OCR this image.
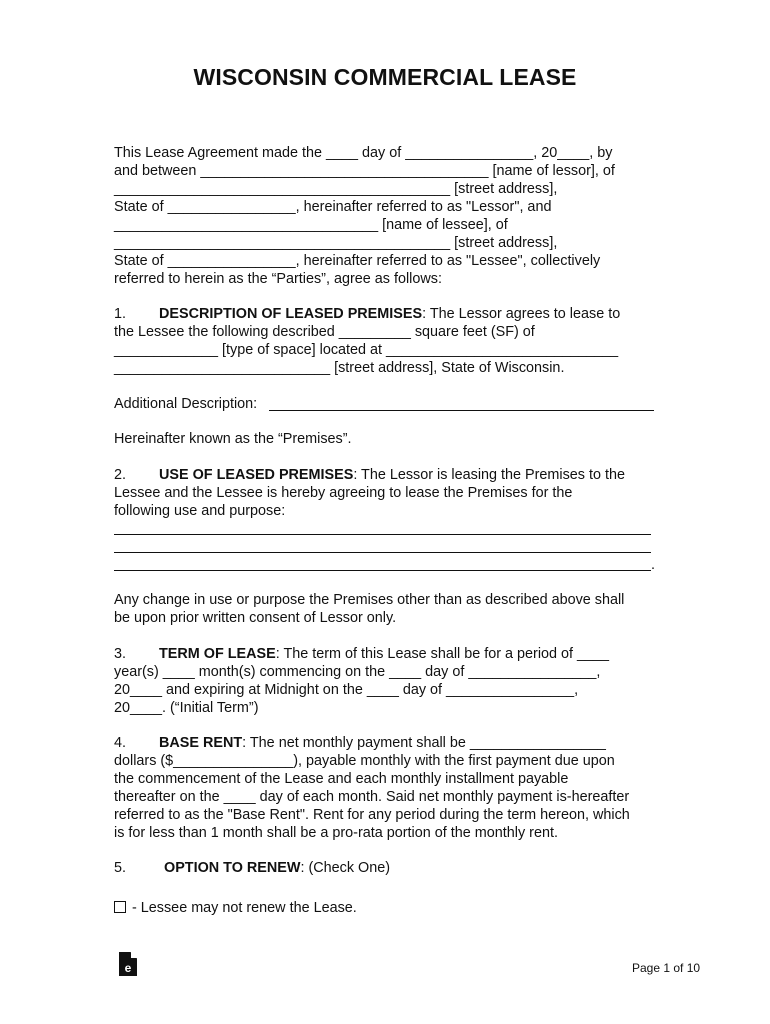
WISCONSIN COMMERCIAL LEASE
This Lease Agreement made the ____ day of ________________, 20____, by
and between ____________________________________ [name of lessor], of
__________________________________________ [street address],
State of ________________, hereinafter referred to as "Lessor", and
_________________________________ [name of lessee], of
__________________________________________ [street address],
State of ________________, hereinafter referred to as "Lessee", collectively
referred to herein as the “Parties”, agree as follows:
1. DESCRIPTION OF LEASED PREMISES: The Lessor agrees to lease to
the Lessee the following described _________ square feet (SF) of
_____________ [type of space] located at _____________________________
___________________________ [street address], State of Wisconsin.
Additional Description:
Hereinafter known as the “Premises”.
2. USE OF LEASED PREMISES: The Lessor is leasing the Premises to the
Lessee and the Lessee is hereby agreeing to lease the Premises for the
following use and purpose:
.
Any change in use or purpose the Premises other than as described above shall
be upon prior written consent of Lessor only.
3. TERM OF LEASE: The term of this Lease shall be for a period of ____
year(s) ____ month(s) commencing on the ____ day of ________________,
20____ and expiring at Midnight on the ____ day of ________________,
20____. (“Initial Term”)
4. BASE RENT: The net monthly payment shall be _________________
dollars ($_______________), payable monthly with the first payment due upon
the commencement of the Lease and each monthly installment payable
thereafter on the ____ day of each month. Said net monthly payment is-hereafter
referred to as the "Base Rent". Rent for any period during the term hereon, which
is for less than 1 month shall be a pro-rata portion of the monthly rent.
5.	OPTION TO RENEW: (Check One)
- Lessee may not renew the Lease.
e	Page 1 of 10
